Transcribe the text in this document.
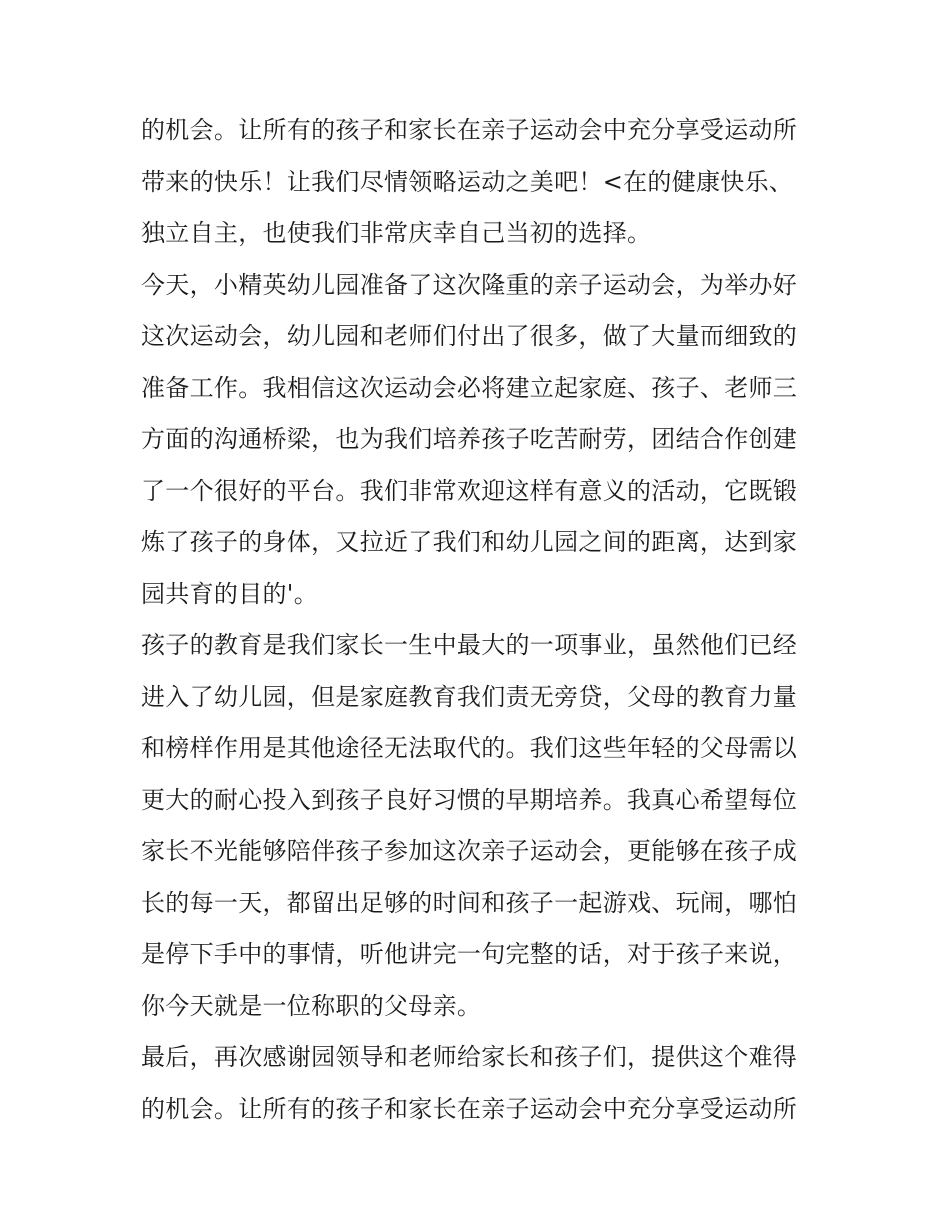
的机会。让所有的孩子和家长在亲子运动会中充分享受运动所
带来的快乐！让我们尽情领略运动之美吧！<在的健康快乐、
独立自主，也使我们非常庆幸自己当初的选择。

今天，小精英幼儿园准备了这次隆重的亲子运动会，为举办好
这次运动会，幼儿园和老师们付出了很多，做了大量而细致的
准备工作。我相信这次运动会必将建立起家庭、孩子、老师三
方面的沟通桥梁，也为我们培养孩子吃苦耐劳，团结合作创建
了一个很好的平台。我们非常欢迎这样有意义的活动，它既锻
炼了孩子的身体，又拉近了我们和幼儿园之间的距离，达到家
园共育的目的'。

孩子的教育是我们家长一生中最大的一项事业，虽然他们已经
进入了幼儿园，但是家庭教育我们责无旁贷，父母的教育力量
和榜样作用是其他途径无法取代的。我们这些年轻的父母需以
更大的耐心投入到孩子良好习惯的早期培养。我真心希望每位
家长不光能够陪伴孩子参加这次亲子运动会，更能够在孩子成
长的每一天，都留出足够的时间和孩子一起游戏、玩闹，哪怕
是停下手中的事情，听他讲完一句完整的话，对于孩子来说，
你今天就是一位称职的父母亲。

最后，再次感谢园领导和老师给家长和孩子们，提供这个难得
的机会。让所有的孩子和家长在亲子运动会中充分享受运动所
